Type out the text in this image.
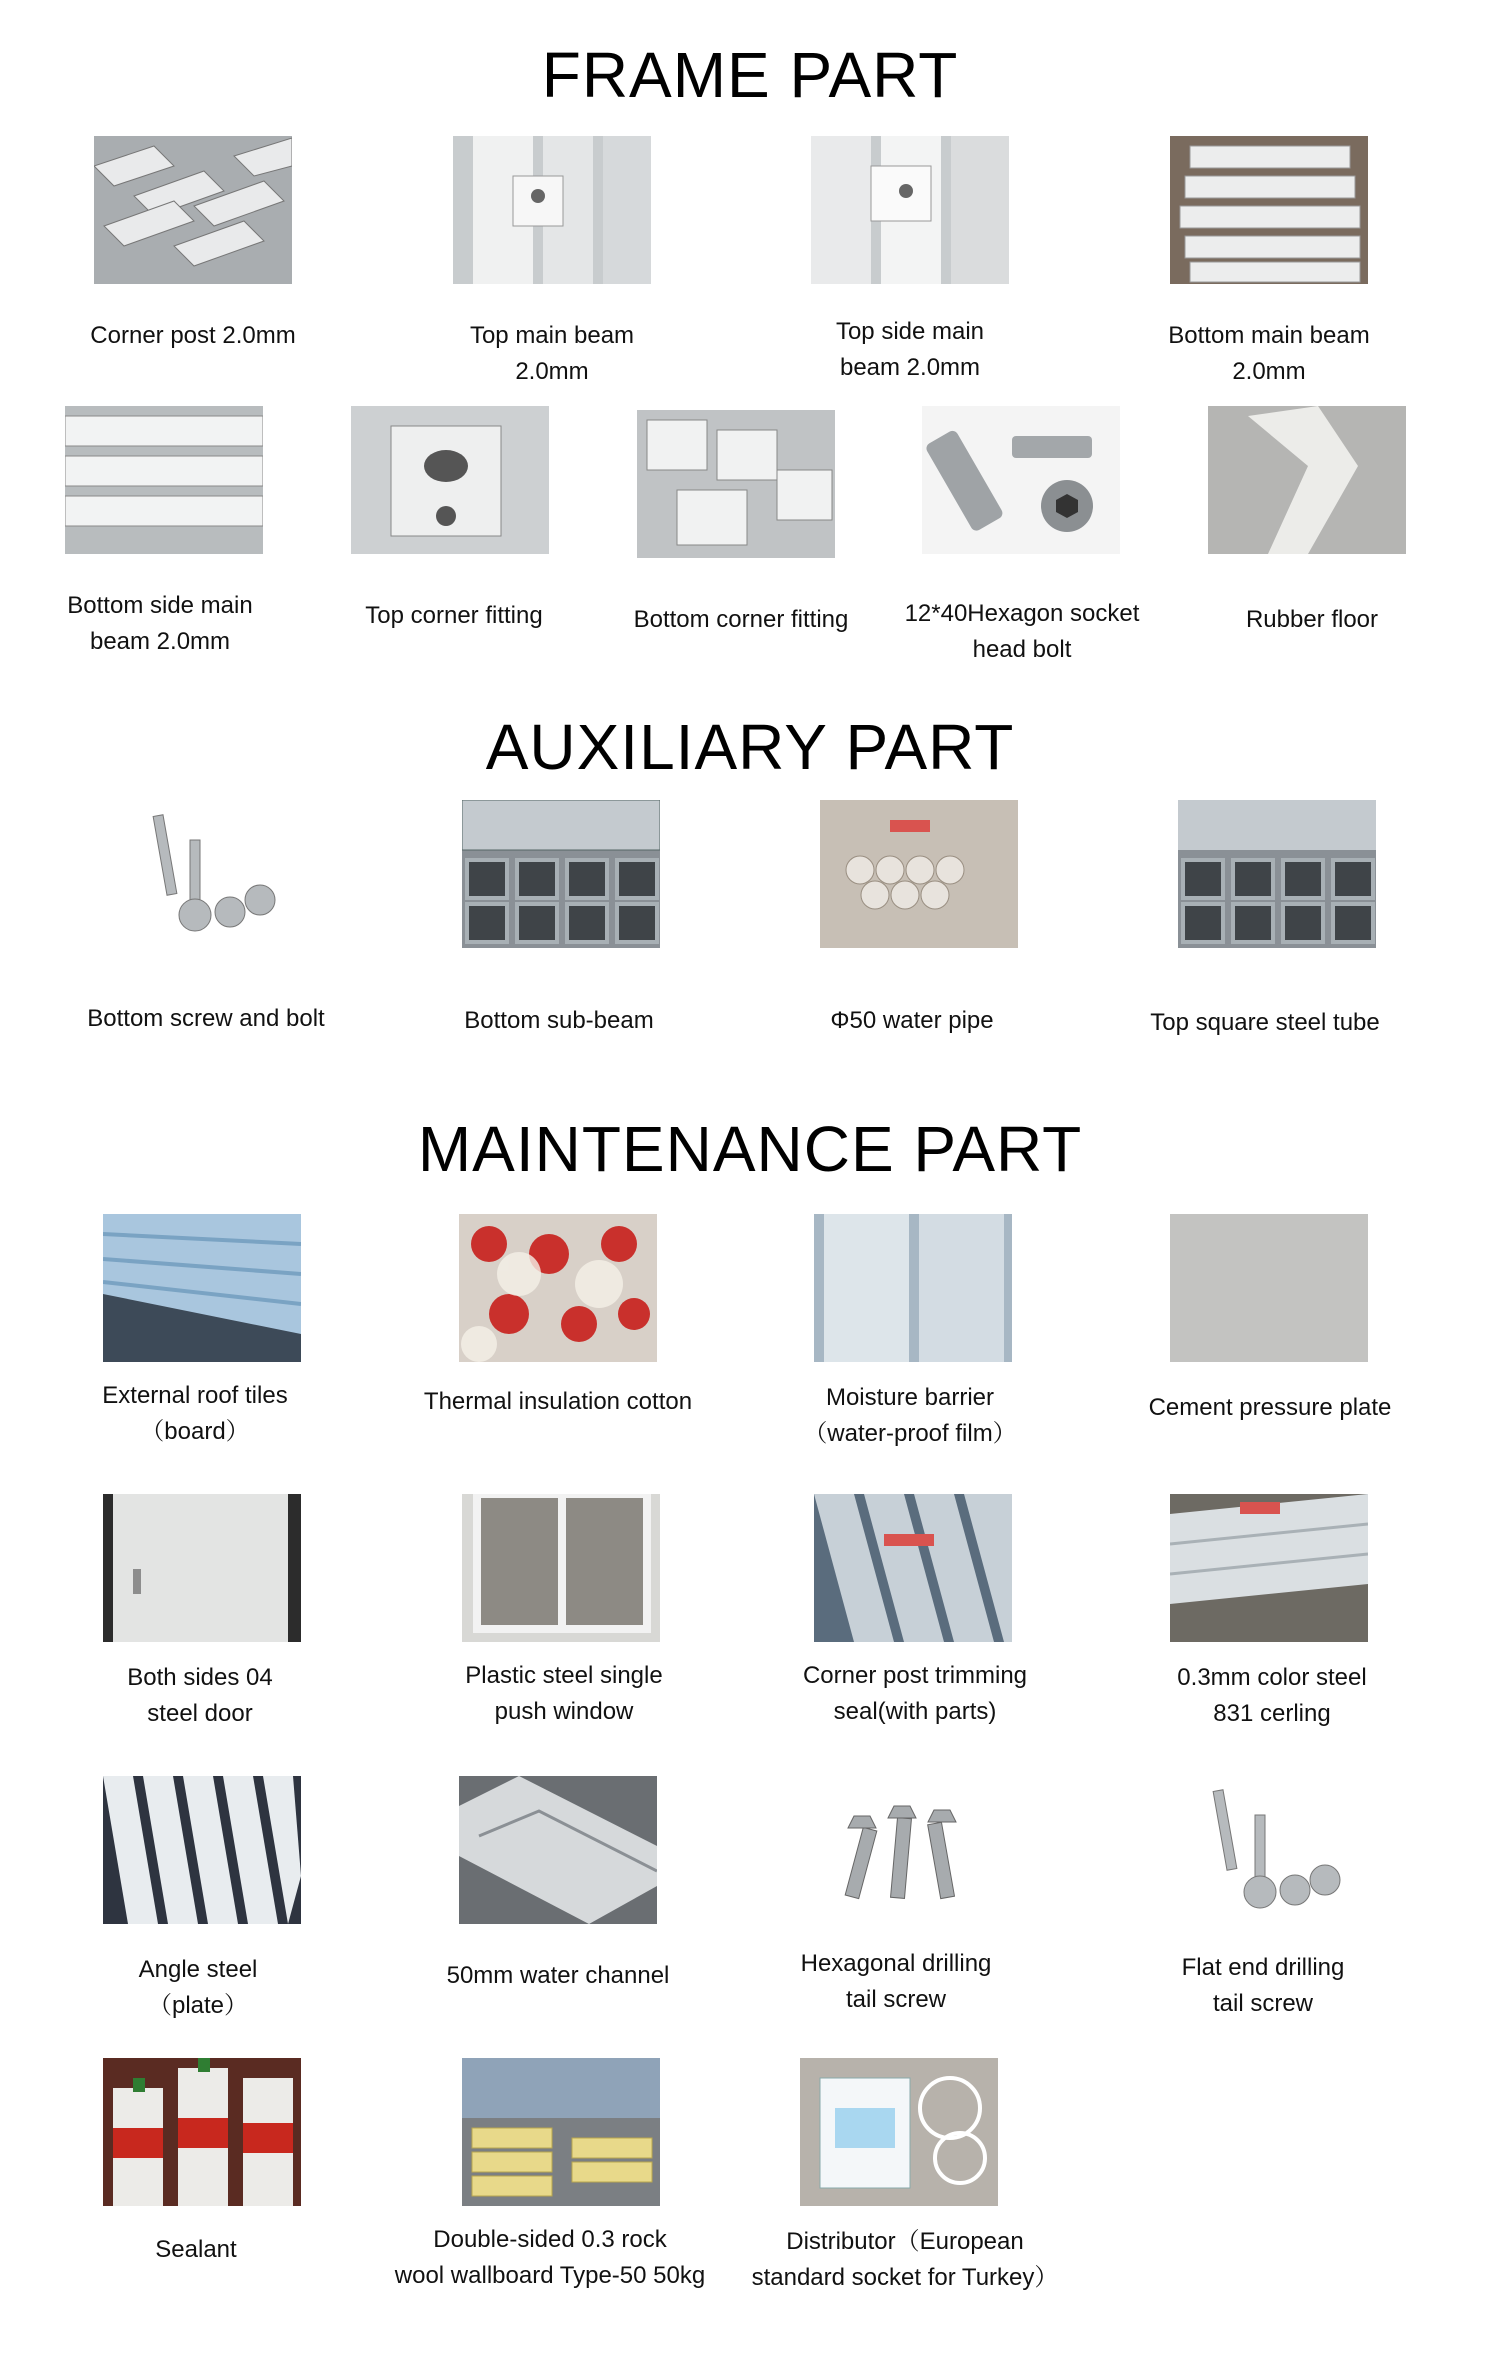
FRAME PART
AUXILIARY PART
MAINTENANCE PART
Corner post 2.0mm	Top main beam
2.0mm
Top side main
beam 2.0mm
Bottom main beam
2.0mm
Bottom side main
beam 2.0mm
Top corner fitting	Bottom corner fitting	12*40Hexagon socket
head bolt
Rubber floor
Bottom screw and bolt	Bottom sub-beam	Φ50 water pipe	Top square steel tube
External roof tiles
（board）
Thermal insulation cotton	Moisture barrier
（water-proof film）
Cement pressure plate
Both sides 04
steel door
Plastic steel single
push window
Corner post trimming
seal(with parts)
0.3mm color steel
831 cerling
Angle steel
（plate）
50mm water channel	Hexagonal drilling
tail screw
Flat end drilling
tail screw
Sealant	Double-sided 0.3 rock
wool wallboard Type-50 50kg
Distributor（European
standard socket for Turkey）
